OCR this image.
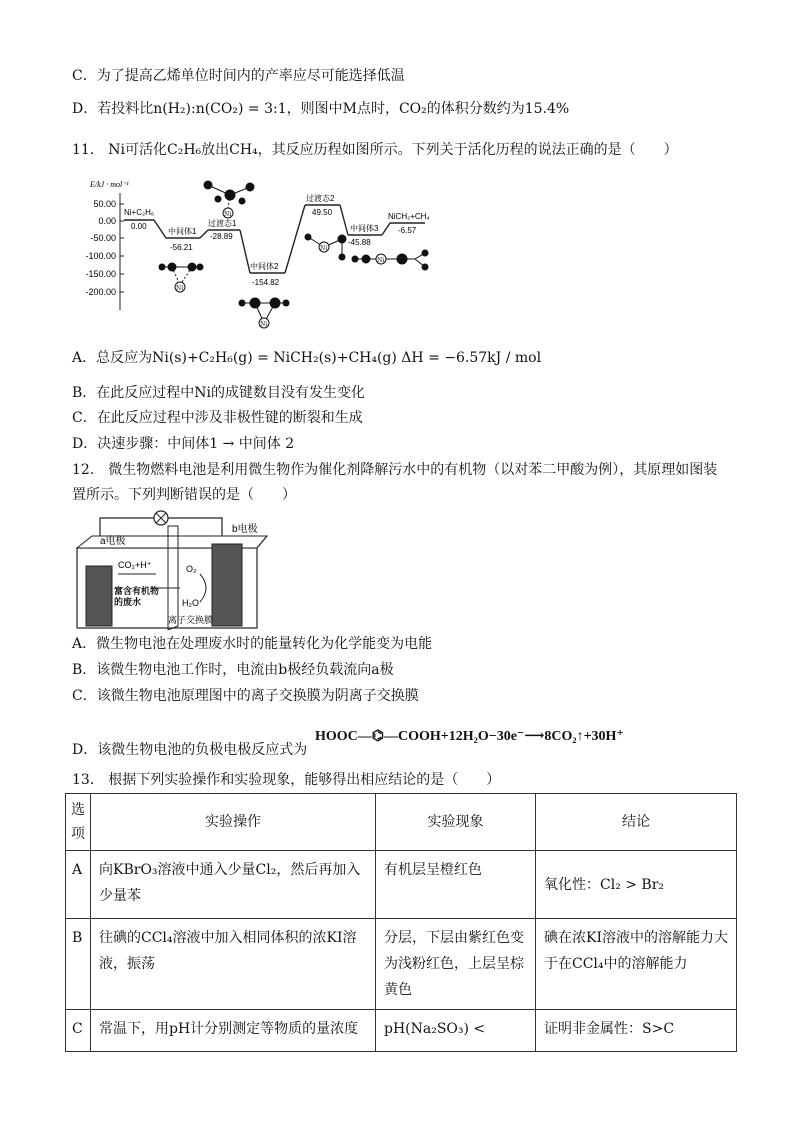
C．为了提高乙烯单位时间内的产率应尽可能选择低温
D．若投料比n(H₂):n(CO₂) = 3:1，则图中M点时，CO₂的体积分数约为15.4%
11． Ni可活化C₂H₆放出CH₄，其反应历程如图所示。下列关于活化历程的说法正确的是（　　）
E/kJ · mol⁻¹
50.00
0.00
-50.00
-100.00
-150.00
-200.00
Ni+C₂H₆
0.00
中间体1
-56.21
过渡态1
-28.89
中间体2
-154.82
过渡态2
49.50
中间体3
-45.88
NiCH₂+CH₄
-6.57
Ni
Ni
Ni
Ni
Ni
A．总反应为Ni(s)+C₂H₆(g) = NiCH₂(s)+CH₄(g) ΔH = −6.57kJ / mol
B．在此反应过程中Ni的成键数目没有发生变化
C．在此反应过程中涉及非极性键的断裂和生成
D．决速步骤：中间体1 → 中间体 2
12． 微生物燃料电池是利用微生物作为催化剂降解污水中的有机物（以对苯二甲酸为例），其原理如图装
置所示。下列判断错误的是（　　）
a电极
b电极
CO₂+H⁺	O₂
H₂O
富含有机物的废水
离子交换膜
A．微生物电池在处理废水时的能量转化为化学能变为电能
B．该微生物电池工作时，电流由b极经负载流向a极
C．该微生物电池原理图中的离子交换膜为阴离子交换膜
D．该微生物电池的负极电极反应式为
HOOC—⌬—COOH+12H₂O−30e⁻⟶8CO₂↑+30H⁺
13． 根据下列实验操作和实验现象，能够得出相应结论的是（　　）
选项	实验操作	实验现象	结论
A	向KBrO₃溶液中通入少量Cl₂，然后再加入少量苯	有机层呈橙红色	氧化性：Cl₂ > Br₂
B	往碘的CCl₄溶液中加入相同体积的浓KI溶液，振荡	分层，下层由紫红色变为浅粉红色，上层呈棕黄色	碘在浓KI溶液中的溶解能力大于在CCl₄中的溶解能力
C	常温下，用pH计分别测定等物质的量浓度	pH(Na₂SO₃) <	证明非金属性：S>C
